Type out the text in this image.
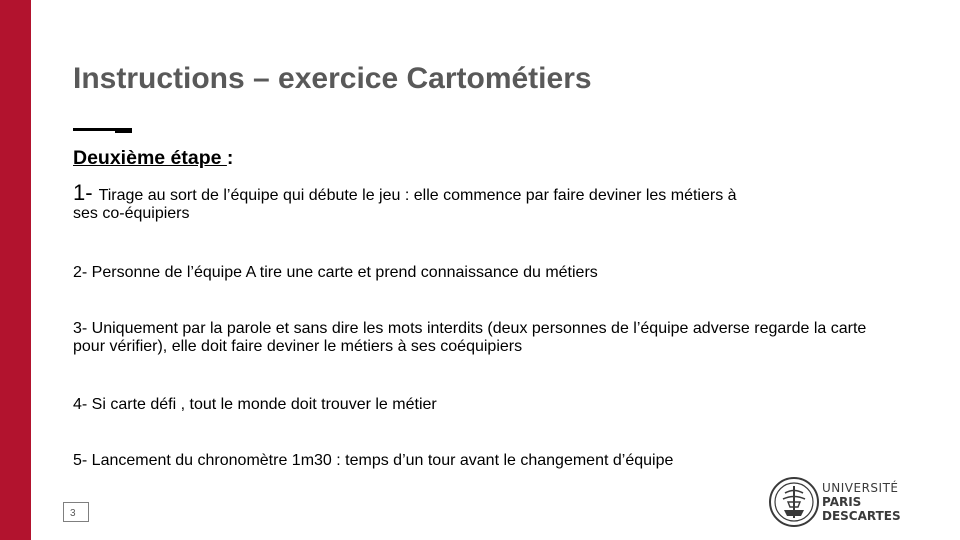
Instructions – exercice Cartométiers
Deuxième étape :
1- Tirage au sort de l’équipe qui débute le jeu : elle commence par faire deviner les métiers à
ses co-équipiers
2- Personne de l’équipe A tire une carte et prend connaissance du métiers
3- Uniquement par la parole et sans dire les mots interdits (deux personnes de l’équipe adverse regarde la carte pour vérifier), elle doit faire deviner le métiers à ses coéquipiers
4- Si carte défi , tout le monde doit trouver le métier
5- Lancement du chronomètre 1m30 : temps d’un tour avant le changement d’équipe
3
UNIVERSITÉ
PARIS
DESCARTES
